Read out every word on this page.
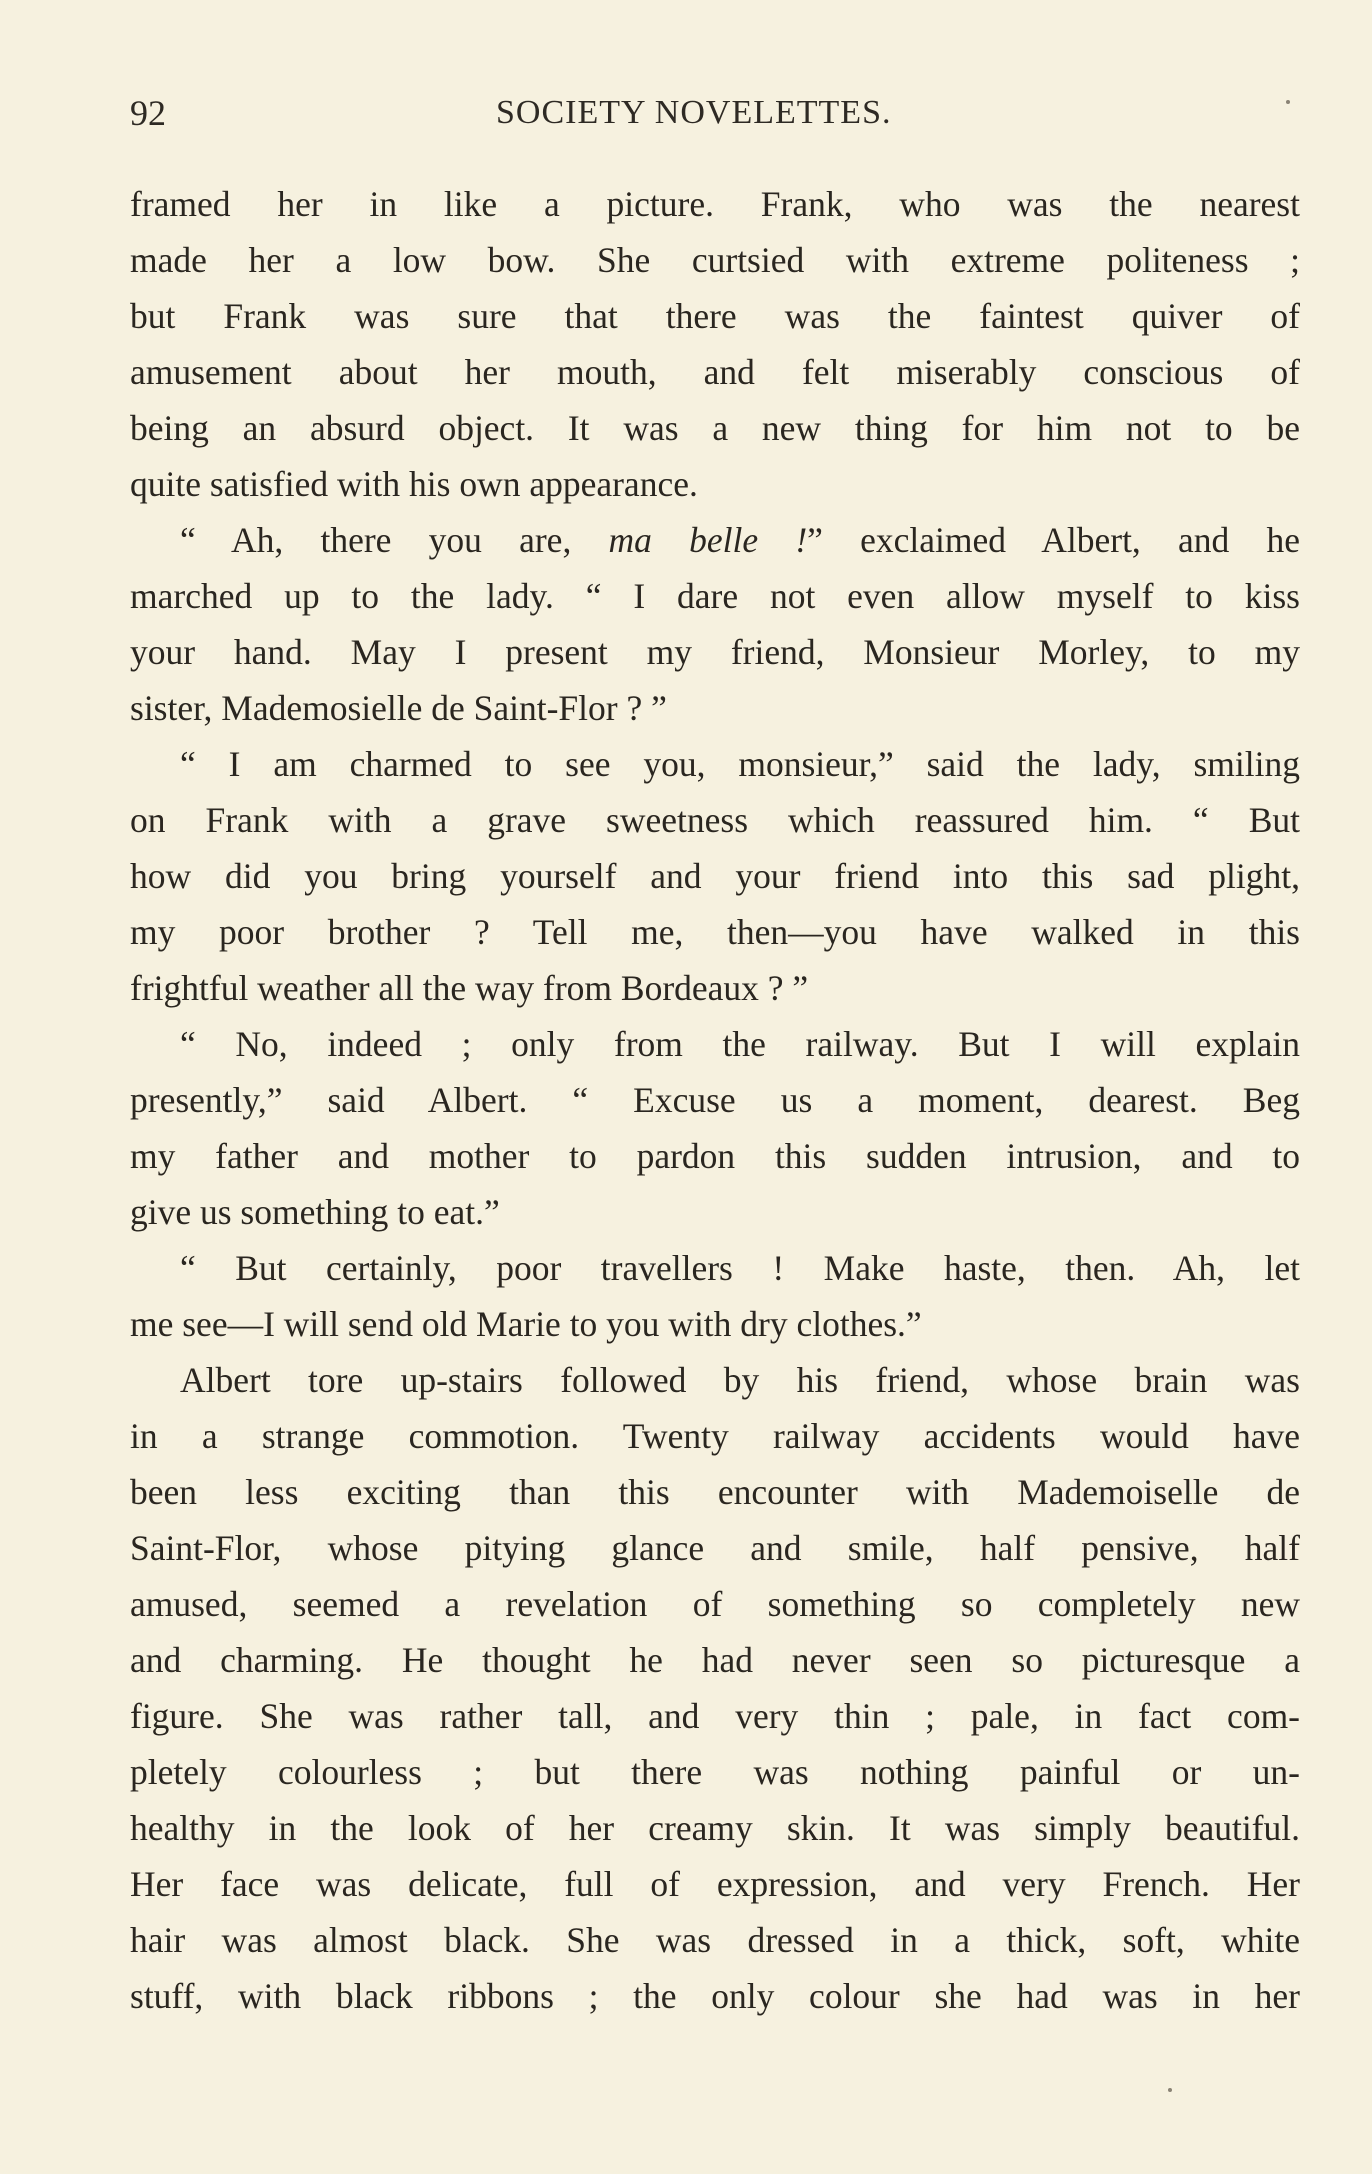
92	SOCIETY NOVELETTES.
framed her in like a picture. Frank, who was the nearest
made her a low bow. She curtsied with extreme politeness ;
but Frank was sure that there was the faintest quiver of
amusement about her mouth, and felt miserably conscious of
being an absurd object. It was a new thing for him not to be
quite satisfied with his own appearance.
“ Ah, there you are, ma belle !” exclaimed Albert, and he
marched up to the lady. “ I dare not even allow myself to kiss
your hand. May I present my friend, Monsieur Morley, to my
sister, Mademosielle de Saint-Flor ? ”
“ I am charmed to see you, monsieur,” said the lady, smiling
on Frank with a grave sweetness which reassured him. “ But
how did you bring yourself and your friend into this sad plight,
my poor brother ? Tell me, then—you have walked in this
frightful weather all the way from Bordeaux ? ”
“ No, indeed ; only from the railway. But I will explain
presently,” said Albert. “ Excuse us a moment, dearest. Beg
my father and mother to pardon this sudden intrusion, and to
give us something to eat.”
“ But certainly, poor travellers ! Make haste, then. Ah, let
me see—I will send old Marie to you with dry clothes.”
Albert tore up-stairs followed by his friend, whose brain was
in a strange commotion. Twenty railway accidents would have
been less exciting than this encounter with Mademoiselle de
Saint-Flor, whose pitying glance and smile, half pensive, half
amused, seemed a revelation of something so completely new
and charming. He thought he had never seen so picturesque a
figure. She was rather tall, and very thin ; pale, in fact com-
pletely colourless ; but there was nothing painful or un-
healthy in the look of her creamy skin. It was simply beautiful.
Her face was delicate, full of expression, and very French. Her
hair was almost black. She was dressed in a thick, soft, white
stuff, with black ribbons ; the only colour she had was in her
